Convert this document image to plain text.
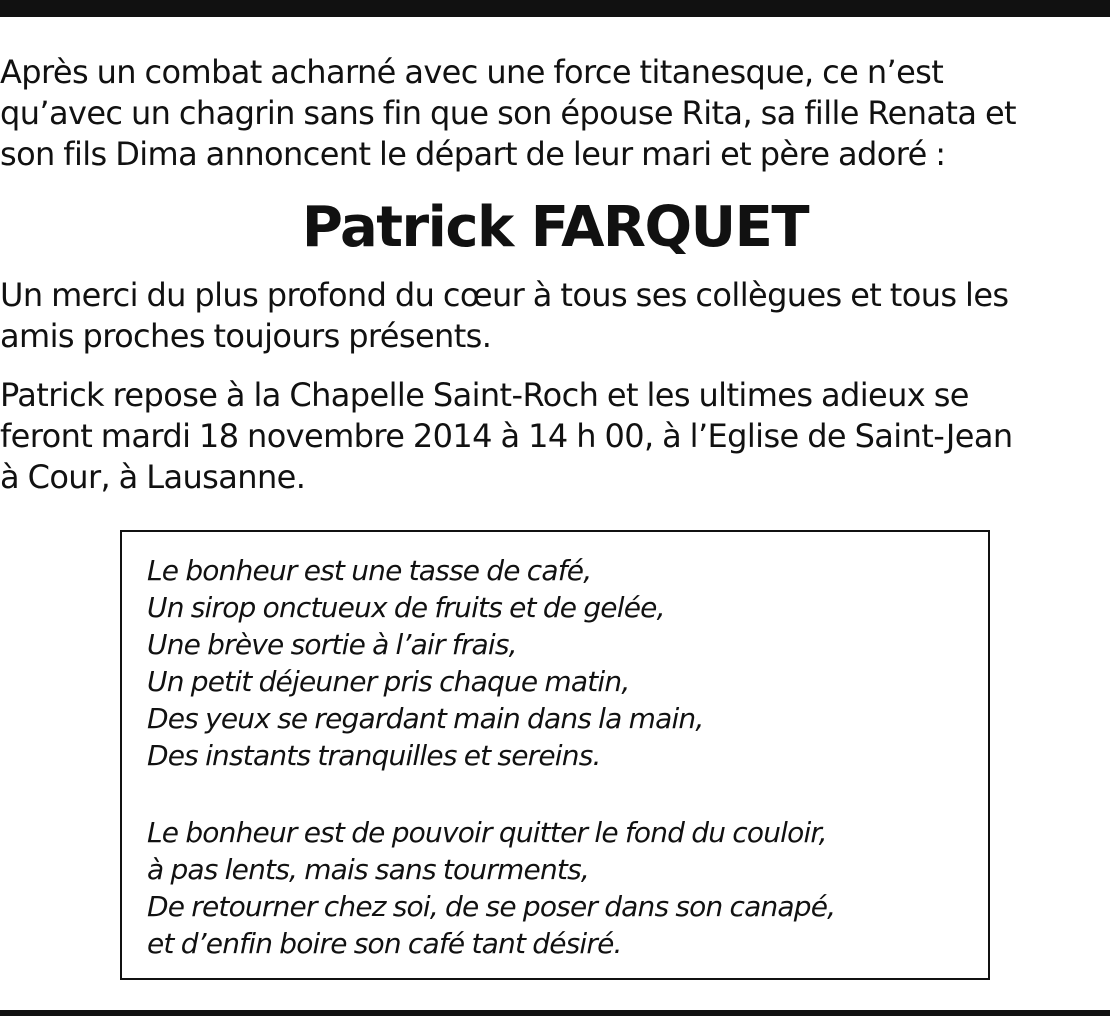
Après un combat acharné avec une force titanesque, ce n’est
qu’avec un chagrin sans fin que son épouse Rita, sa fille Renata et
son fils Dima annoncent le départ de leur mari et père adoré :

Patrick FARQUET

Un merci du plus profond du cœur à tous ses collègues et tous les
amis proches toujours présents.

Patrick repose à la Chapelle Saint-Roch et les ultimes adieux se
feront mardi 18 novembre 2014 à 14 h 00, à l’Eglise de Saint-Jean
à Cour, à Lausanne.

Le bonheur est une tasse de café,
Un sirop onctueux de fruits et de gelée,
Une brève sortie à l’air frais,
Un petit déjeuner pris chaque matin,
Des yeux se regardant main dans la main,
Des instants tranquilles et sereins.

Le bonheur est de pouvoir quitter le fond du couloir,
à pas lents, mais sans tourments,
De retourner chez soi, de se poser dans son canapé,
et d’enfin boire son café tant désiré.
